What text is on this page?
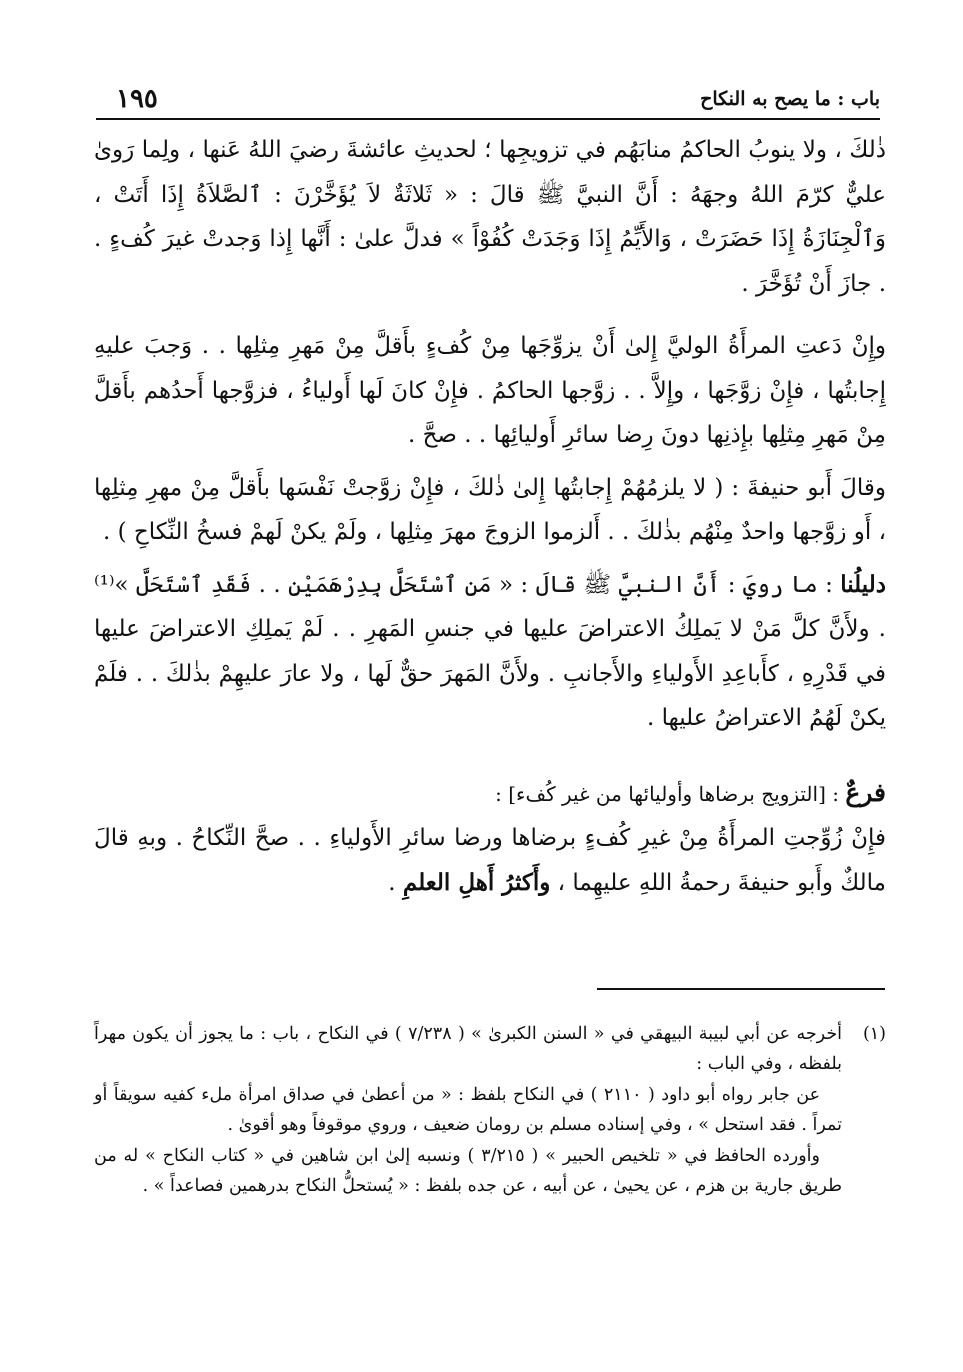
باب : ما يصح به النكاح
١٩٥

ذٰلكَ ، ولا ينوبُ الحاكمُ منابَهُم في تزويجِها ؛ لحديثِ عائشةَ رضيَ اللهُ عَنها ، ولِما رَوىٰ عليٌّ كرّمَ اللهُ وجهَهُ : أَنَّ النبيَّ ﷺ قالَ : « ثَلاثَةٌ لاَ يُؤَخَّرْنَ : ٱلصَّلاَةُ إِذَا أَتَتْ ، وَٱلْجِنَازَةُ إِذَا حَضَرَتْ ، وَالأَيِّمُ إِذَا وَجَدَتْ كُفُوْاً » فدلَّ علىٰ : أَنَّها إِذا وَجدتْ غيرَ كُفءٍ . . جازَ أَنْ تُؤَخَّرَ .

وإِنْ دَعتِ المرأَةُ الوليَّ إِلىٰ أَنْ يزوِّجَها مِنْ كُفءٍ بأَقلَّ مِنْ مَهرِ مِثلِها . . وَجبَ عليهِ إِجابتُها ، فإِنْ زوَّجَها ، وإِلاَّ . . زوَّجها الحاكمُ . فإِنْ كانَ لَها أَولياءُ ، فزوَّجها أَحدُهم بأَقلَّ مِنْ مَهرِ مِثلِها بإِذنِها دونَ رِضا سائرِ أَوليائِها . . صحَّ .

وقالَ أَبو حنيفةَ : ( لا يلزمُهُمْ إِجابتُها إِلىٰ ذٰلكَ ، فإِنْ زوَّجتْ نَفْسَها بأَقلَّ مِنْ مهرِ مِثلِها ، أَو زوَّجها واحدٌ مِنْهُم بذٰلكَ . . أَلزموا الزوجَ مهرَ مِثلِها ، ولَمْ يكنْ لَهمْ فسخُ النِّكاحِ ) .

دليلُنا : ما رويَ : أَنَّ النبيَّ ﷺ قالَ : « مَنِ ٱسْتَحَلَّ بِدِرْهَمَيْنِ . . فَقَدِ ٱسْتَحَلَّ »⁽¹⁾ . ولأَنَّ كلَّ مَنْ لا يَملِكُ الاعتراضَ عليها في جنسِ المَهرِ . . لَمْ يَملِكِ الاعتراضَ عليها في قَدْرِهِ ، كأَباعِدِ الأَولياءِ والأَجانبِ . ولأَنَّ المَهرَ حقٌّ لَها ، ولا عارَ عليهِمْ بذٰلكَ . . فلَمْ يكنْ لَهُمُ الاعتراضُ عليها .

فرعٌ : [التزويج برضاها وأوليائها من غير كُفء] :

فإِنْ زُوِّجتِ المرأَةُ مِنْ غيرِ كُفءٍ برضاها ورضا سائرِ الأَولياءِ . . صحَّ النِّكاحُ . وبهِ قالَ مالكٌ وأَبو حنيفةَ رحمةُ اللهِ عليهِما ، وأَكثرُ أَهلِ العلمِ .

(١)

أخرجه عن أبي لبيبة البيهقي في « السنن الكبرىٰ » ( ٧/٢٣٨ ) في النكاح ، باب : ما يجوز أن يكون مهراً بلفظه ، وفي الباب :

عن جابر رواه أبو داود ( ٢١١٠ ) في النكاح بلفظ : « من أعطىٰ في صداق امرأة ملء كفيه سويقاً أو تمراً . فقد استحل » ، وفي إسناده مسلم بن رومان ضعيف ، وروي موقوفاً وهو أقوىٰ .

وأورده الحافظ في « تلخيص الحبير » ( ٣/٢١٥ ) ونسبه إلىٰ ابن شاهين في « كتاب النكاح » له من طريق جارية بن هزم ، عن يحيىٰ ، عن أبيه ، عن جده بلفظ : « يُستحلُّ النكاح بدرهمين فصاعداً » .
